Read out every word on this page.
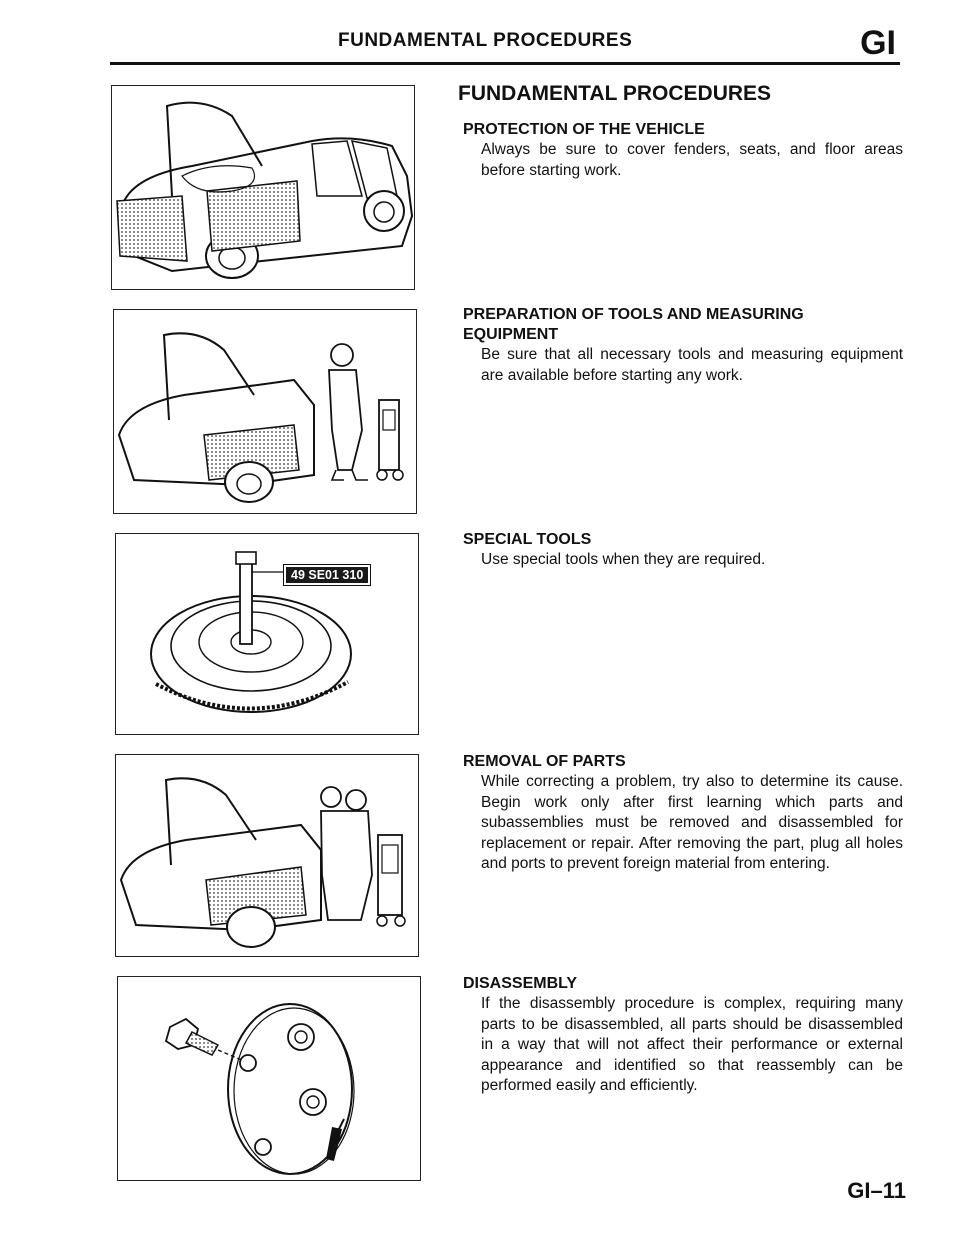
FUNDAMENTAL PROCEDURES	GI
FUNDAMENTAL PROCEDURES
49 SE01 310
PROTECTION OF THE VEHICLE

Always be sure to cover fenders, seats, and floor areas before starting work.

PREPARATION OF TOOLS AND MEASURING EQUIPMENT

Be sure that all necessary tools and measuring equipment are available before starting any work.

SPECIAL TOOLS

Use special tools when they are required.

REMOVAL OF PARTS

While correcting a problem, try also to determine its cause. Begin work only after first learning which parts and subassemblies must be removed and disassembled for replacement or repair. After removing the part, plug all holes and ports to prevent foreign material from entering.

DISASSEMBLY

If the disassembly procedure is complex, requiring many parts to be disassembled, all parts should be disassembled in a way that will not affect their performance or external appearance and identified so that reassembly can be performed easily and efficiently.

GI–11
